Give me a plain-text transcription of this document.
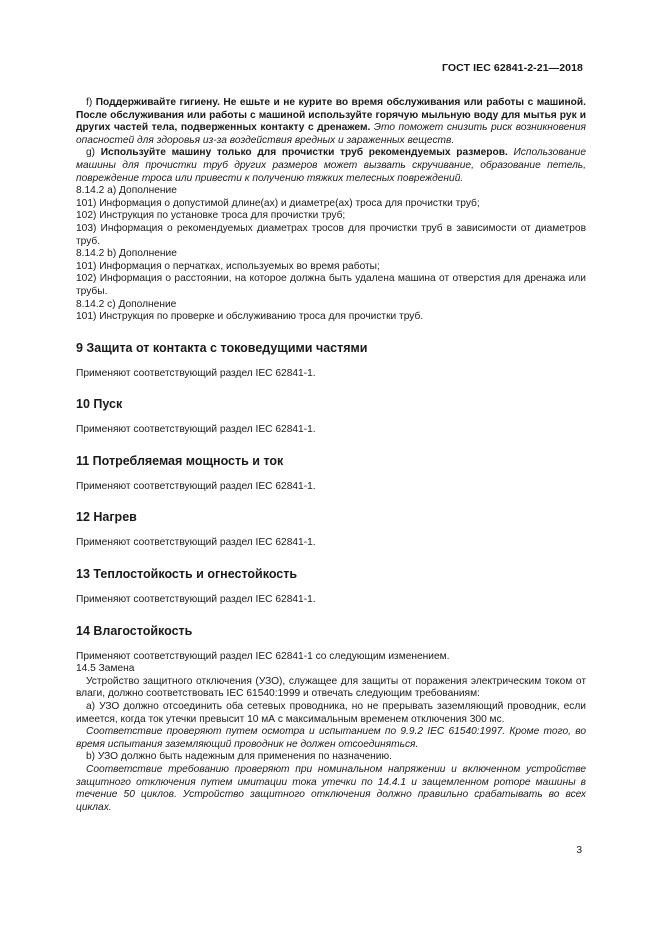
ГОСТ IEC 62841-2-21—2018

f) Поддерживайте гигиену. Не ешьте и не курите во время обслуживания или работы с машиной. После обслуживания или работы с машиной используйте горячую мыльную воду для мытья рук и других частей тела, подверженных контакту с дренажем. Это поможет снизить риск возникновения опасностей для здоровья из-за воздействия вредных и зараженных веществ.

g) Используйте машину только для прочистки труб рекомендуемых размеров. Использование машины для прочистки труб других размеров может вызвать скручивание, образование петель, повреждение троса или привести к получению тяжких телесных повреждений.

8.14.2 a) Дополнение

101) Информация о допустимой длине(ах) и диаметре(ах) троса для прочистки труб;

102) Инструкция по установке троса для прочистки труб;

103) Информация о рекомендуемых диаметрах тросов для прочистки труб в зависимости от диаметров труб.

8.14.2 b) Дополнение

101) Информация о перчатках, используемых во время работы;

102) Информация о расстоянии, на которое должна быть удалена машина от отверстия для дренажа или трубы.

8.14.2 c) Дополнение

101) Инструкция по проверке и обслуживанию троса для прочистки труб.

9 Защита от контакта с токоведущими частями

Применяют соответствующий раздел IEC 62841-1.

10 Пуск

Применяют соответствующий раздел IEC 62841-1.

11 Потребляемая мощность и ток

Применяют соответствующий раздел IEC 62841-1.

12 Нагрев

Применяют соответствующий раздел IEC 62841-1.

13 Теплостойкость и огнестойкость

Применяют соответствующий раздел IEC 62841-1.

14 Влагостойкость

Применяют соответствующий раздел IEC 62841-1 со следующим изменением.

14.5 Замена

Устройство защитного отключения (УЗО), служащее для защиты от поражения электрическим током от влаги, должно соответствовать IEC 61540:1999 и отвечать следующим требованиям:

а) УЗО должно отсоединить оба сетевых проводника, но не прерывать заземляющий проводник, если имеется, когда ток утечки превысит 10 мА с максимальным временем отключения 300 мс.

Соответствие проверяют путем осмотра и испытанием по 9.9.2 IEC 61540:1997. Кроме того, во время испытания заземляющий проводник не должен отсоединяться.

b) УЗО должно быть надежным для применения по назначению.

Соответствие требованию проверяют при номинальном напряжении и включенном устройстве защитного отключения путем имитации тока утечки по 14.4.1 и защемленном роторе машины в течение 50 циклов. Устройство защитного отключения должно правильно срабатывать во всех циклах.

3
